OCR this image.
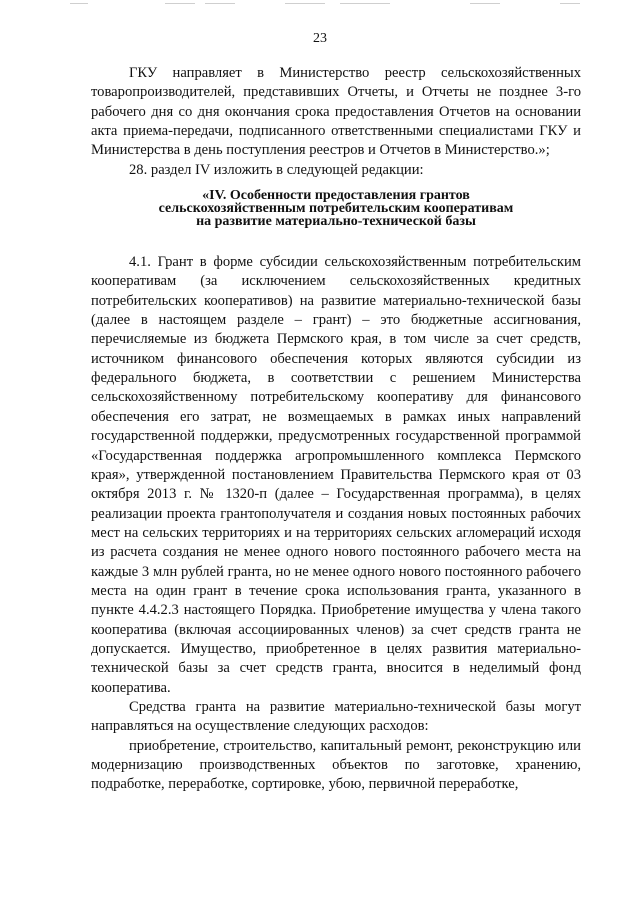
23

ГКУ направляет в Министерство реестр сельскохозяйственных товаропроизводителей, представивших Отчеты, и Отчеты не позднее 3-го рабочего дня со дня окончания срока предоставления Отчетов на основании акта приема-передачи, подписанного ответственными специалистами ГКУ и Министерства в день поступления реестров и Отчетов в Министерство.»;

28. раздел IV изложить в следующей редакции:

«IV. Особенности предоставления грантов
сельскохозяйственным потребительским кооперативам
на развитие материально-технической базы

4.1. Грант в форме субсидии сельскохозяйственным потребительским кооперативам (за исключением сельскохозяйственных кредитных потребительских кооперативов) на развитие материально-технической базы (далее в настоящем разделе – грант) – это бюджетные ассигнования, перечисляемые из бюджета Пермского края, в том числе за счет средств, источником финансового обеспечения которых являются субсидии из федерального бюджета, в соответствии с решением Министерства сельскохозяйственному потребительскому кооперативу для финансового обеспечения его затрат, не возмещаемых в рамках иных направлений государственной поддержки, предусмотренных государственной программой «Государственная поддержка агропромышленного комплекса Пермского края», утвержденной постановлением Правительства Пермского края от 03 октября 2013 г. № 1320-п (далее – Государственная программа), в целях реализации проекта грантополучателя и создания новых постоянных рабочих мест на сельских территориях и на территориях сельских агломераций исходя из расчета создания не менее одного нового постоянного рабочего места на каждые 3 млн рублей гранта, но не менее одного нового постоянного рабочего места на один грант в течение срока использования гранта, указанного в пункте 4.4.2.3 настоящего Порядка. Приобретение имущества у члена такого кооператива (включая ассоциированных членов) за счет средств гранта не допускается. Имущество, приобретенное в целях развития материально-технической базы за счет средств гранта, вносится в неделимый фонд кооператива.

Средства гранта на развитие материально-технической базы могут направляться на осуществление следующих расходов:

приобретение, строительство, капитальный ремонт, реконструкцию или модернизацию производственных объектов по заготовке, хранению, подработке, переработке, сортировке, убою, первичной переработке,
